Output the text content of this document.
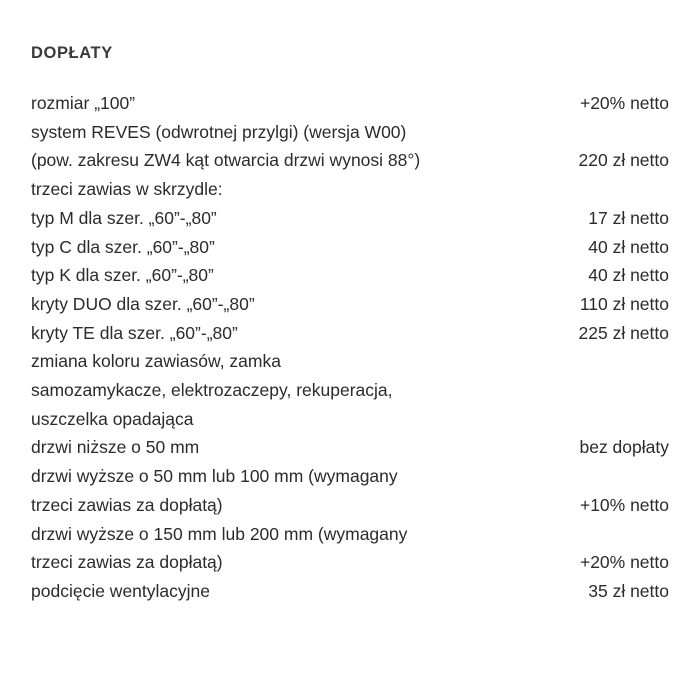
DOPŁATY
rozmiar „100”	+20% netto
system REVES (odwrotnej przylgi) (wersja W00)
(pow. zakresu ZW4 kąt otwarcia drzwi wynosi 88°)	220 zł netto
trzeci zawias w skrzydle:
typ M dla szer. „60”-„80”	17 zł netto
typ C dla szer. „60”-„80”	40 zł netto
typ K dla szer. „60”-„80”	40 zł netto
kryty DUO dla szer. „60”-„80”	110 zł netto
kryty TE dla szer. „60”-„80”	225 zł netto
zmiana koloru zawiasów, zamka
samozamykacze, elektrozaczepy, rekuperacja,
uszczelka opadająca
drzwi niższe o 50 mm	bez dopłaty
drzwi wyższe o 50 mm lub 100 mm (wymagany
trzeci zawias za dopłatą)	+10% netto
drzwi wyższe o 150 mm lub 200 mm (wymagany
trzeci zawias za dopłatą)	+20% netto
podcięcie wentylacyjne	35 zł netto
